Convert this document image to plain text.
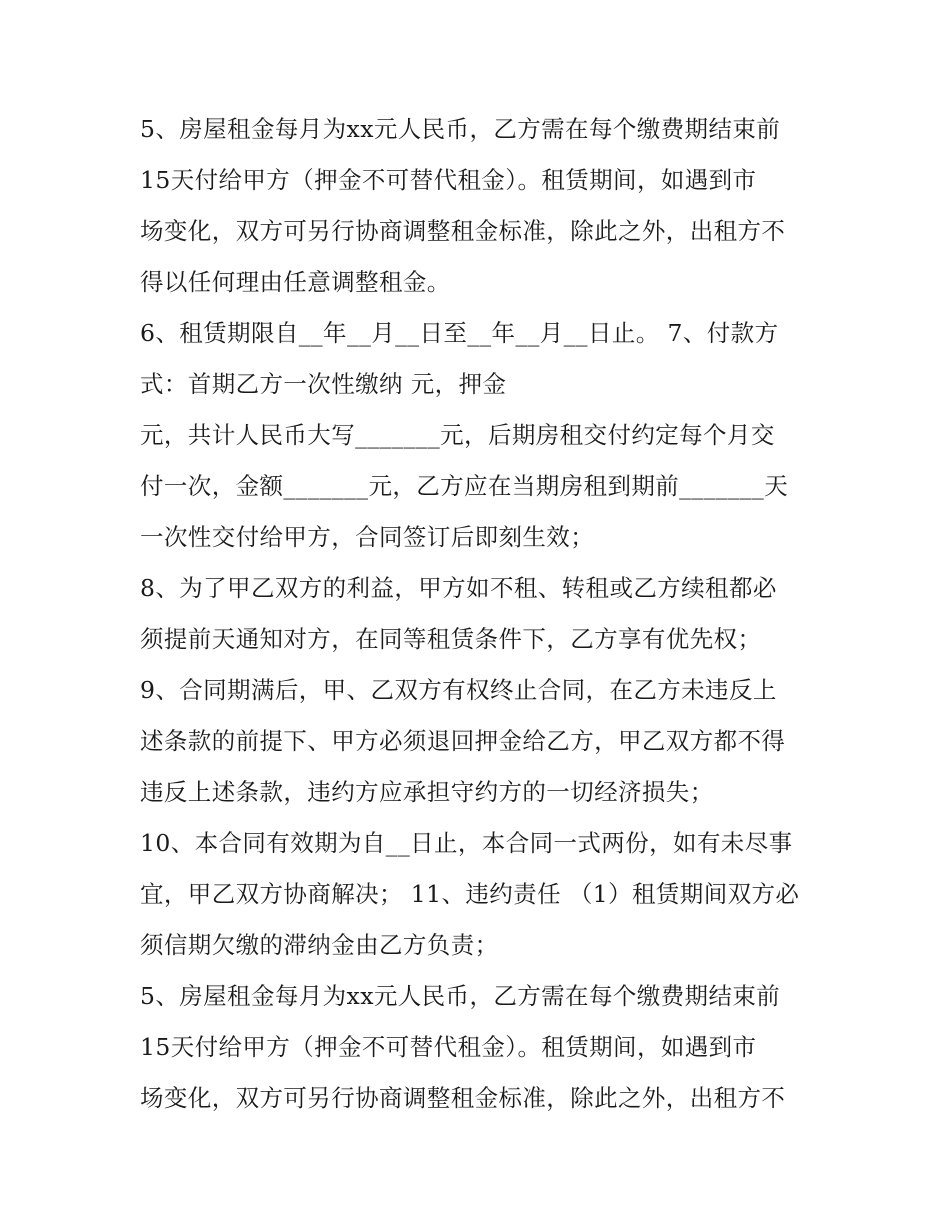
5、房屋租金每月为xx元人民币，乙方需在每个缴费期结束前
15天付给甲方（押金不可替代租金）。租赁期间，如遇到市
场变化，双方可另行协商调整租金标准，除此之外，出租方不
得以任何理由任意调整租金。
6、租赁期限自__年__月__日至__年__月__日止。 7、付款方
式：首期乙方一次性缴纳 元，押金
元，共计人民币大写_______元，后期房租交付约定每个月交
付一次，金额_______元，乙方应在当期房租到期前_______天
一次性交付给甲方，合同签订后即刻生效；
8、为了甲乙双方的利益，甲方如不租、转租或乙方续租都必
须提前天通知对方，在同等租赁条件下，乙方享有优先权；
9、合同期满后，甲、乙双方有权终止合同，在乙方未违反上
述条款的前提下、甲方必须退回押金给乙方，甲乙双方都不得
违反上述条款，违约方应承担守约方的一切经济损失；
10、本合同有效期为自__日止，本合同一式两份，如有未尽事
宜，甲乙双方协商解决； 11、违约责任 （1）租赁期间双方必
须信期欠缴的滞纳金由乙方负责；
5、房屋租金每月为xx元人民币，乙方需在每个缴费期结束前
15天付给甲方（押金不可替代租金）。租赁期间，如遇到市
场变化，双方可另行协商调整租金标准，除此之外，出租方不
